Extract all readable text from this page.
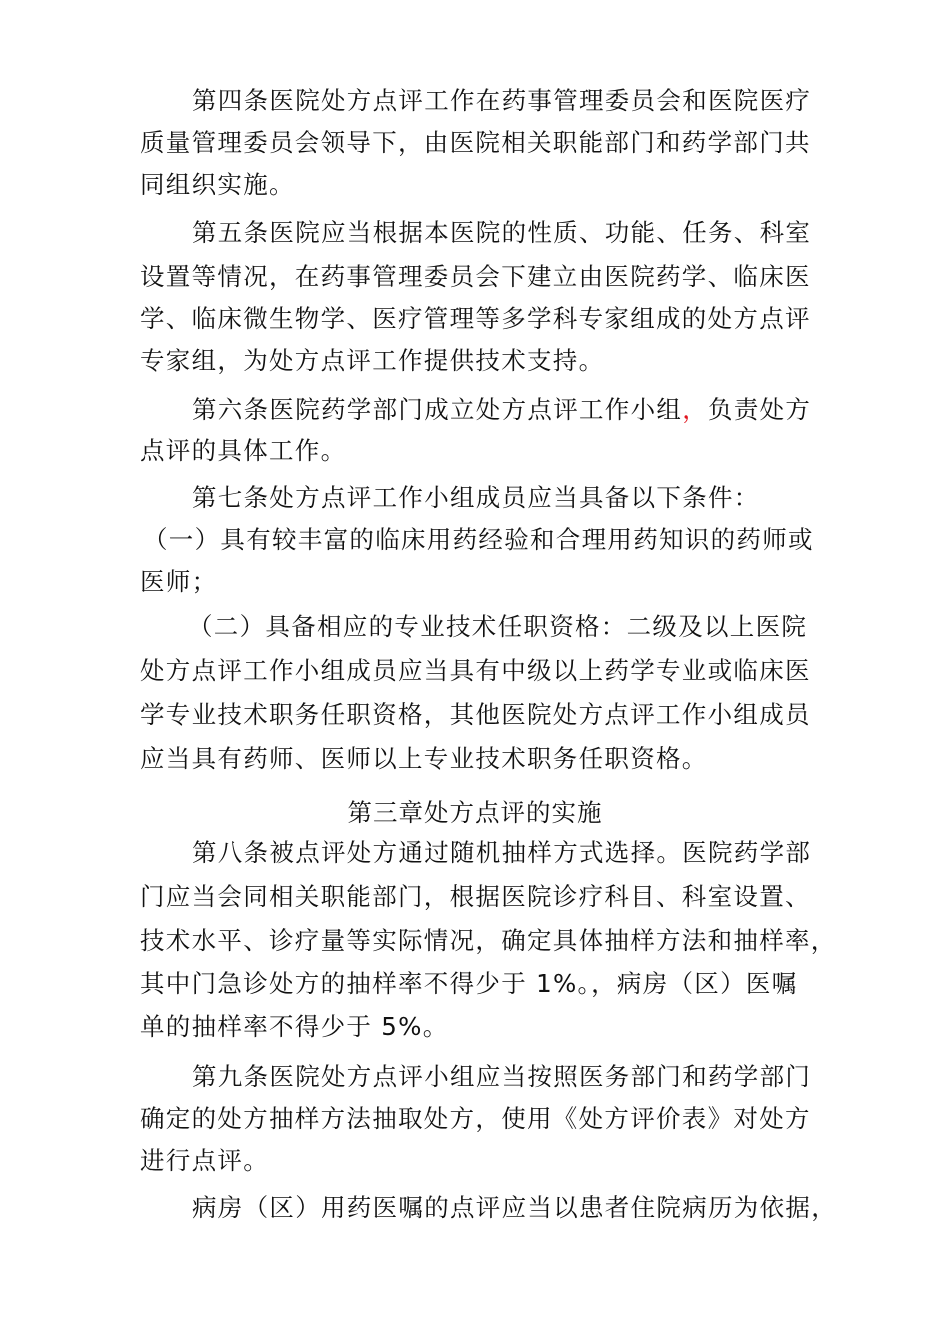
第四条医院处方点评工作在药事管理委员会和医院医疗
质量管理委员会领导下，由医院相关职能部门和药学部门共
同组织实施。
第五条医院应当根据本医院的性质、功能、任务、科室
设置等情况，在药事管理委员会下建立由医院药学、临床医
学、临床微生物学、医疗管理等多学科专家组成的处方点评
专家组，为处方点评工作提供技术支持。
第六条医院药学部门成立处方点评工作小组，负责处方
点评的具体工作。
第七条处方点评工作小组成员应当具备以下条件：
（一）具有较丰富的临床用药经验和合理用药知识的药师或
医师；
（二）具备相应的专业技术任职资格：二级及以上医院
处方点评工作小组成员应当具有中级以上药学专业或临床医
学专业技术职务任职资格，其他医院处方点评工作小组成员
应当具有药师、医师以上专业技术职务任职资格。
第三章处方点评的实施
第八条被点评处方通过随机抽样方式选择。医院药学部
门应当会同相关职能部门，根据医院诊疗科目、科室设置、
技术水平、诊疗量等实际情况，确定具体抽样方法和抽样率，
其中门急诊处方的抽样率不得少于 1%。，病房（区）医嘱
单的抽样率不得少于 5%。
第九条医院处方点评小组应当按照医务部门和药学部门
确定的处方抽样方法抽取处方，使用《处方评价表》对处方
进行点评。
病房（区）用药医嘱的点评应当以患者住院病历为依据，
